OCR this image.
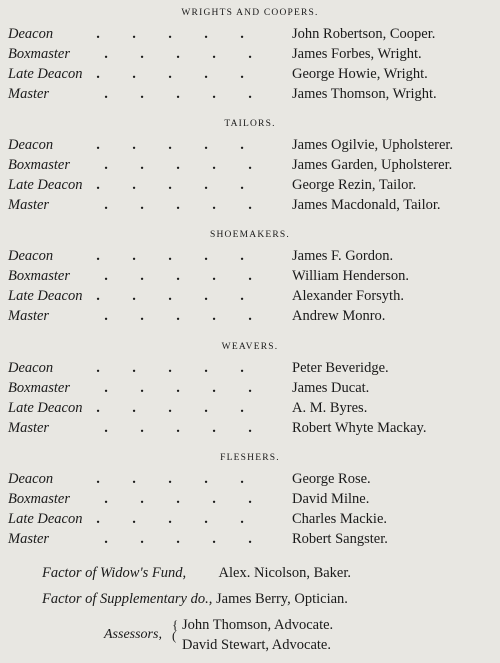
WRIGHTS AND COOPERS.
Deacon	. . . . .	John Robertson, Cooper.
Boxmaster	. . . . .	James Forbes, Wright.
Late Deacon . . . . .	George Howie, Wright.
Master	. . . . .	James Thomson, Wright.
TAILORS.
Deacon	. . . . .	James Ogilvie, Upholsterer.
Boxmaster	. . . . .	James Garden, Upholsterer.
Late Deacon . . . . .	George Rezin, Tailor.
Master	. . . . .	James Macdonald, Tailor.
SHOEMAKERS.
Deacon	. . . . .	James F. Gordon.
Boxmaster	. . . . .	William Henderson.
Late Deacon . . . . .	Alexander Forsyth.
Master	. . . . .	Andrew Monro.
WEAVERS.
Deacon	. . . . .	Peter Beveridge.
Boxmaster	. . . . .	James Ducat.
Late Deacon . . . . .	A. M. Byres.
Master	. . . . .	Robert Whyte Mackay.
FLESHERS.
Deacon	. . . . .	George Rose.
Boxmaster	. . . . .	David Milne.
Late Deacon . . . . .	Charles Mackie.
Master	. . . . .	Robert Sangster.
Factor of Widow's Fund, Alex. Nicolson, Baker.
Factor of Supplementary do., James Berry, Optician.
Assessors,
{
(
John Thomson, Advocate.
David Stewart, Advocate.
